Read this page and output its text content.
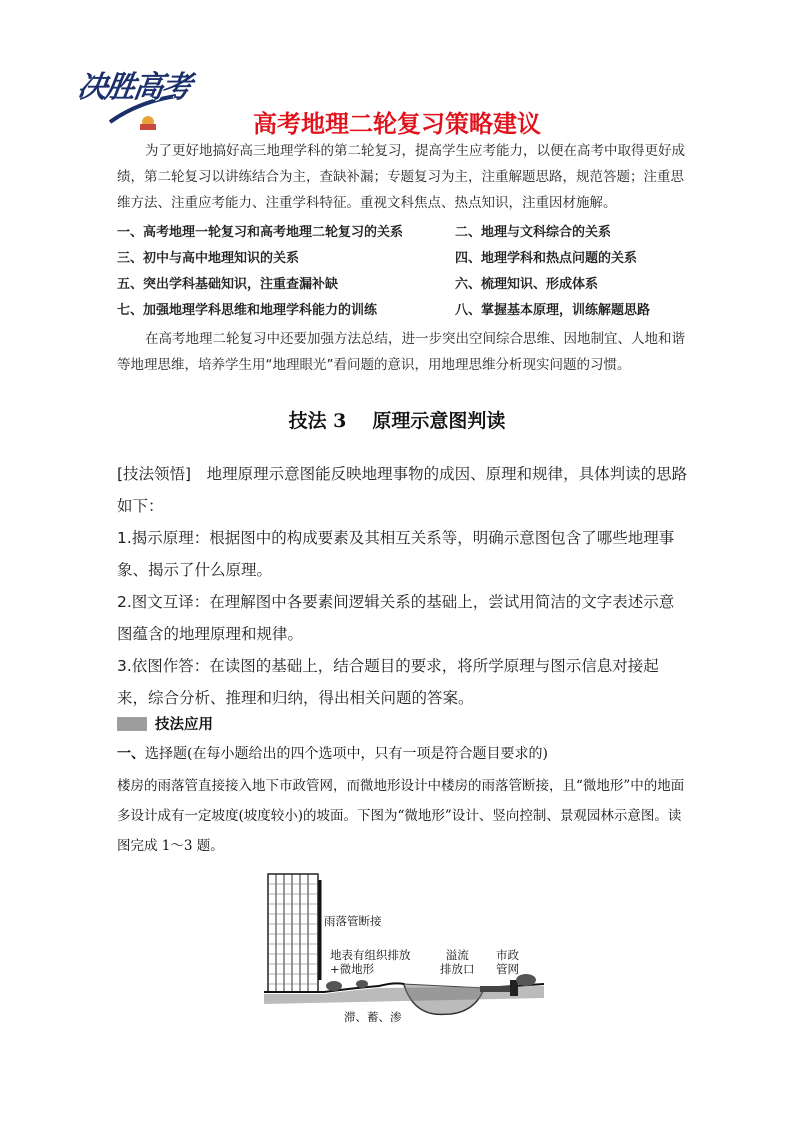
决胜高考
高考地理二轮复习策略建议
为了更好地搞好高三地理学科的第二轮复习，提高学生应考能力，以便在高考中取得更好成绩，第二轮复习以讲练结合为主，查缺补漏；专题复习为主，注重解题思路，规范答题；注重思维方法、注重应考能力、注重学科特征。重视文科焦点、热点知识，注重因材施解。
一、高考地理一轮复习和高考地理二轮复习的关系	二、地理与文科综合的关系
三、初中与高中地理知识的关系	四、地理学科和热点问题的关系
五、突出学科基础知识，注重查漏补缺	六、梳理知识、形成体系
七、加强地理学科思维和地理学科能力的训练	八、掌握基本原理，训练解题思路
在高考地理二轮复习中还要加强方法总结，进一步突出空间综合思维、因地制宜、人地和谐等地理思维，培养学生用“地理眼光”看问题的意识，用地理思维分析现实问题的习惯。
技法 3 原理示意图判读
[技法领悟]　地理原理示意图能反映地理事物的成因、原理和规律，具体判读的思路如下：
1.揭示原理：根据图中的构成要素及其相互关系等，明确示意图包含了哪些地理事象、揭示了什么原理。
2.图文互译：在理解图中各要素间逻辑关系的基础上，尝试用简洁的文字表述示意图蕴含的地理原理和规律。
3.依图作答：在读图的基础上，结合题目的要求，将所学原理与图示信息对接起来，综合分析、推理和归纳，得出相关问题的答案。
技法应用
一、选择题(在每小题给出的四个选项中，只有一项是符合题目要求的)
楼房的雨落管直接接入地下市政管网，而微地形设计中楼房的雨落管断接，且“微地形”中的地面多设计成有一定坡度(坡度较小)的坡面。下图为“微地形”设计、竖向控制、景观园林示意图。读图完成 1～3 题。
雨落管断接
地表有组织排放
+微地形
溢流
排放口
市政
管网
滞、蓄、渗
